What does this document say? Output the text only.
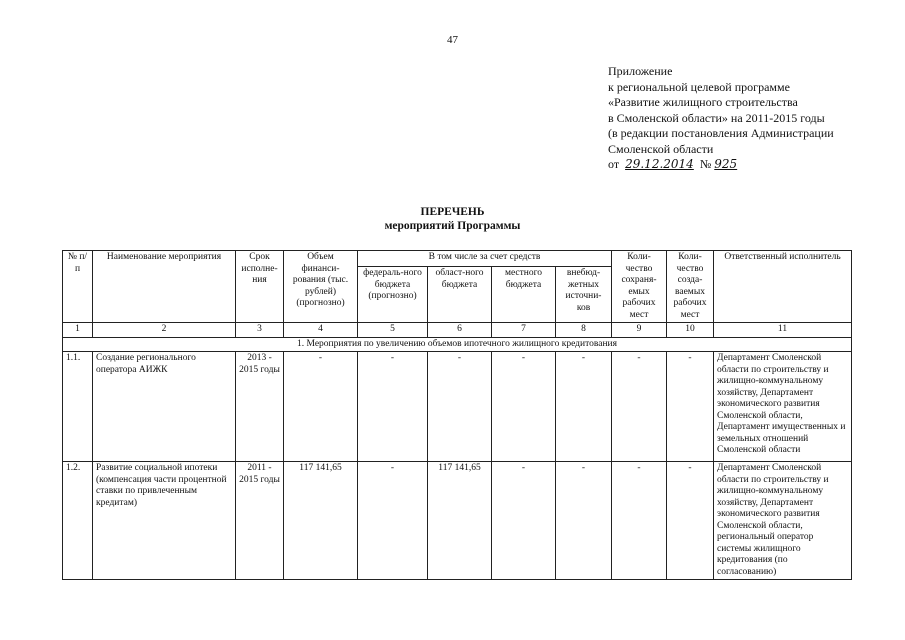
47
Приложение
к региональной целевой программе
«Развитие жилищного строительства
в Смоленской области» на 2011-2015 годы
(в редакции постановления Администрации
Смоленской области
от 29.12.2014 № 925
ПЕРЕЧЕНЬ
мероприятий Программы
№ п/п	Наименование мероприятия	Срок исполне-ния	Объем финанси-рования (тыс. рублей) (прогнозно)	В том числе за счет средств				Коли-чество сохраня-емых рабочих мест	Коли-чество созда-ваемых рабочих мест	Ответственный исполнитель
				федераль-ного бюджета (прогнозно)	област-ного бюджета	местного бюджета	внебюд-жетных источни-ков			
1	2	3	4	5	6	7	8	9	10	11
1. Мероприятия по увеличению объемов ипотечного жилищного кредитования										
1.1.	Создание регионального оператора АИЖК	2013 - 2015 годы	-	-	-	-	-	-	-	Департамент Смоленской области по строительству и жилищно-коммунальному хозяйству, Департамент экономического развития Смоленской области, Департамент имущественных и земельных отношений Смоленской области
1.2.	Развитие социальной ипотеки (компенсация части процентной ставки по привлеченным кредитам)	2011 - 2015 годы	117 141,65	-	117 141,65	-	-	-	-	Департамент Смоленской области по строительству и жилищно-коммунальному хозяйству, Департамент экономического развития Смоленской области, региональный оператор системы жилищного кредитования (по согласованию)
